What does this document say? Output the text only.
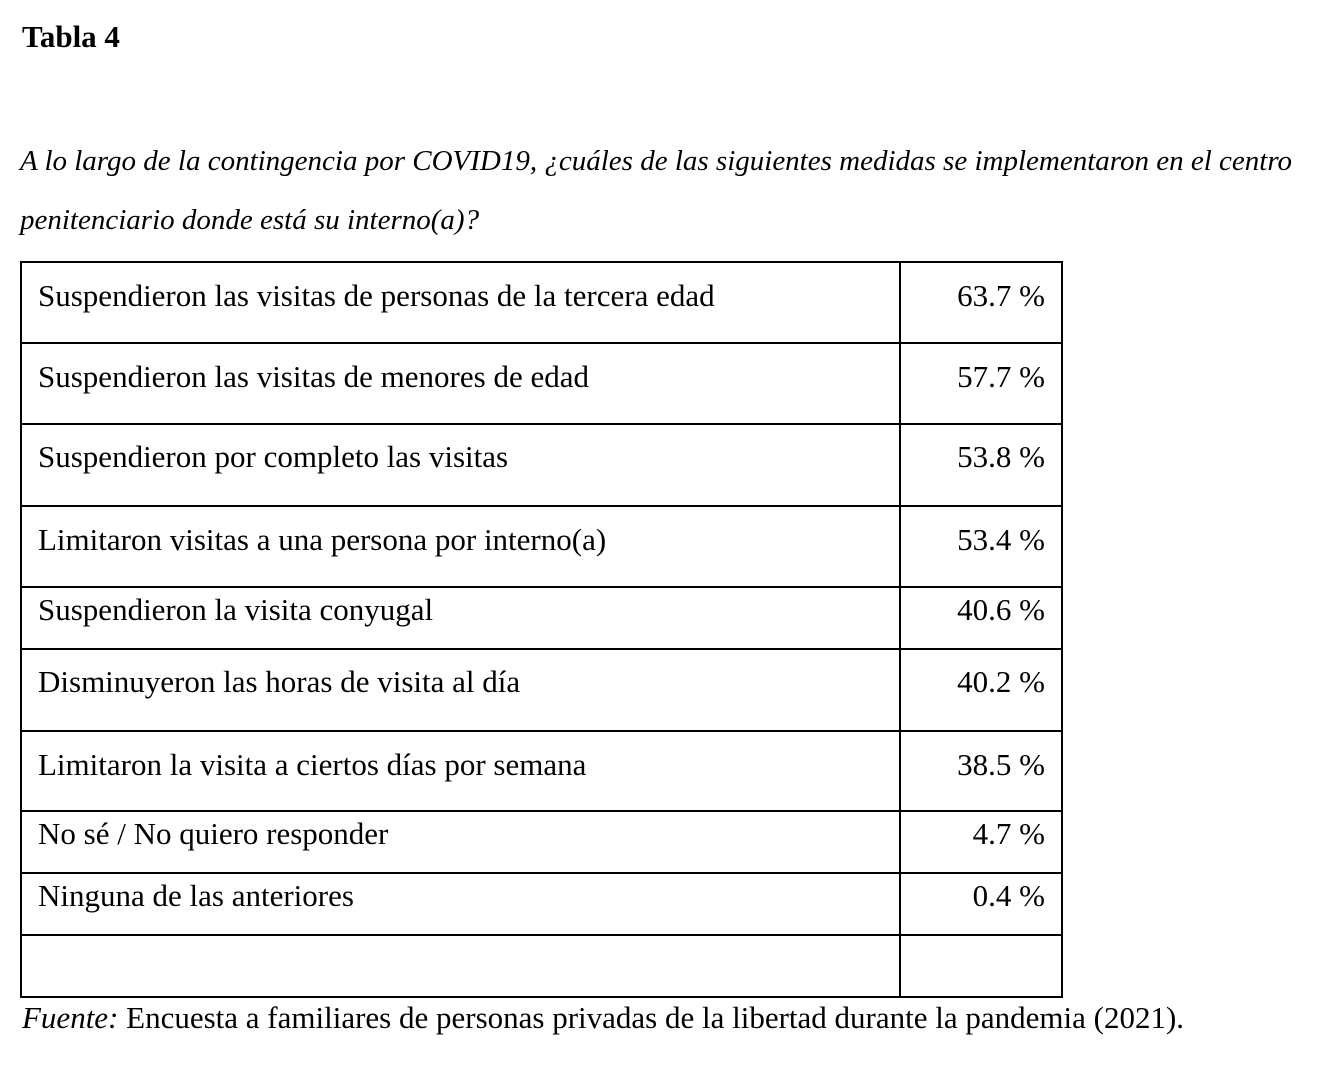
Tabla 4
A lo largo de la contingencia por COVID19, ¿cuáles de las siguientes medidas se implementaron en el centro penitenciario donde está su interno(a)?
Suspendieron las visitas de personas de la tercera edad	63.7 %
Suspendieron las visitas de menores de edad	57.7 %
Suspendieron por completo las visitas	53.8 %
Limitaron visitas a una persona por interno(a)	53.4 %
Suspendieron la visita conyugal	40.6 %
Disminuyeron las horas de visita al día	40.2 %
Limitaron la visita a ciertos días por semana	38.5 %
No sé / No quiero responder	4.7 %
Ninguna de las anteriores	0.4 %

Fuente: Encuesta a familiares de personas privadas de la libertad durante la pandemia (2021).
